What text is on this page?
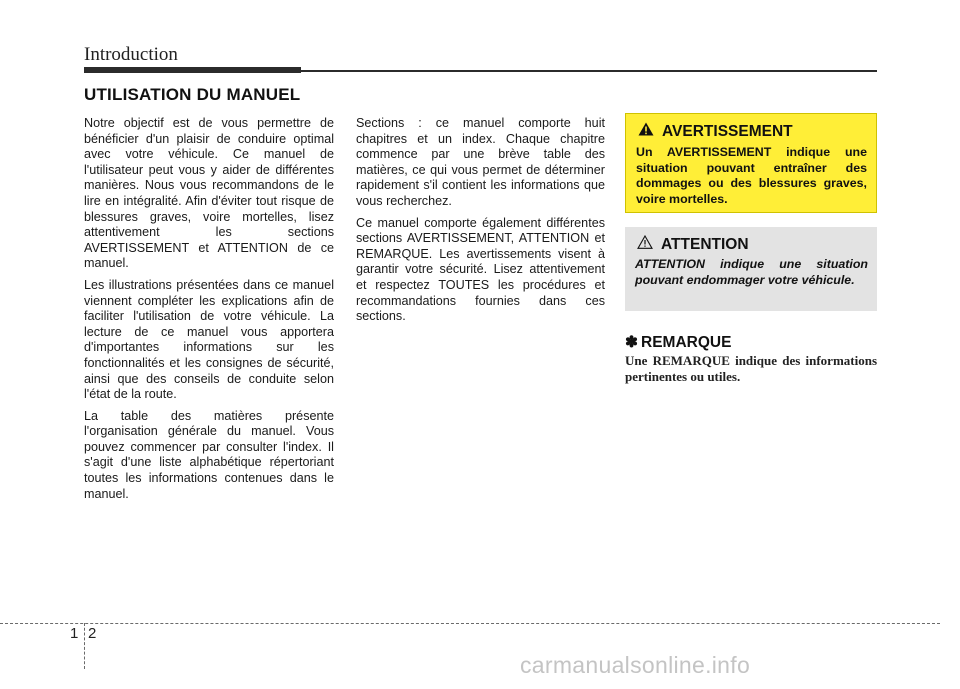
Introduction
UTILISATION DU MANUEL

Notre objectif est de vous permettre de bénéficier d'un plaisir de conduire optimal avec votre véhicule. Ce manuel de l'utilisateur peut vous y aider de différentes manières. Nous vous recommandons de le lire en intégralité. Afin d'éviter tout risque de blessures graves, voire mortelles, lisez attentivement les sections AVERTISSEMENT et ATTENTION de ce manuel.

Les illustrations présentées dans ce manuel viennent compléter les explications afin de faciliter l'utilisation de votre véhicule. La lecture de ce manuel vous apportera d'importantes informations sur les fonctionnalités et les consignes de sécurité, ainsi que des conseils de conduite selon l'état de la route.

La table des matières présente l'organisation générale du manuel. Vous pouvez commencer par consulter l'index. Il s'agit d'une liste alphabétique répertoriant toutes les informations contenues dans le manuel.

Sections : ce manuel comporte huit chapitres et un index. Chaque chapitre commence par une brève table des matières, ce qui vous permet de déterminer rapidement s'il contient les informations que vous recherchez.

Ce manuel comporte également différentes sections AVERTISSEMENT, ATTENTION et REMARQUE. Les avertissements visent à garantir votre sécurité. Lisez attentivement et respectez TOUTES les procédures et recommandations fournies dans ces sections.

AVERTISSEMENT
Un AVERTISSEMENT indique une situation pouvant entraîner des dommages ou des blessures graves, voire mortelles.
ATTENTION
ATTENTION indique une situation pouvant endommager votre véhicule.
✽ REMARQUE
Une REMARQUE indique des informations pertinentes ou utiles.
1 2
carmanualsonline.info
